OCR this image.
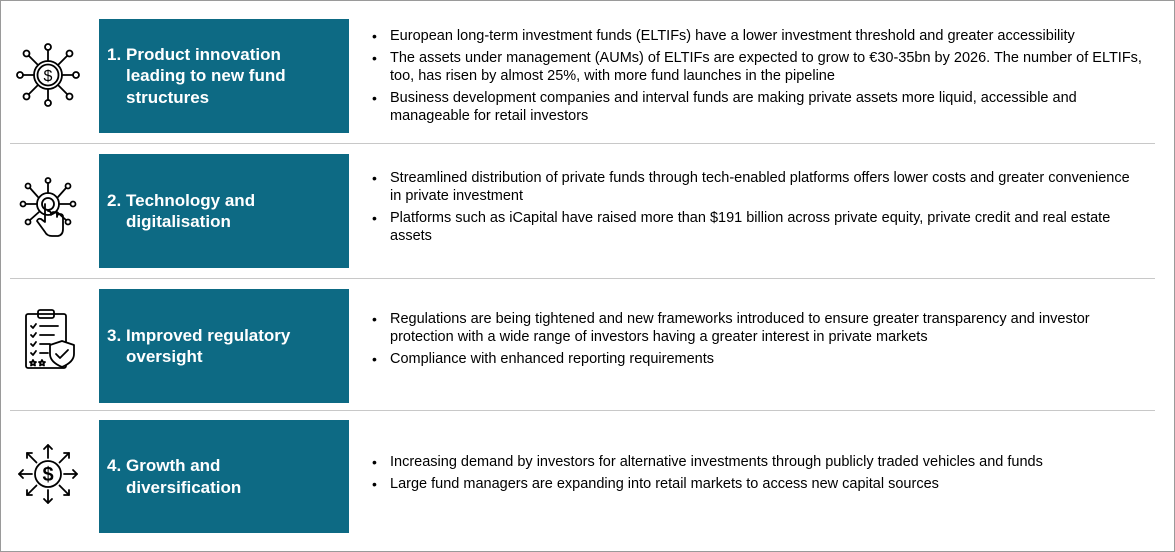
$
1. Product innovation leading to new fund structures
• European long-term investment funds (ELTIFs) have a lower investment threshold and greater accessibility
• The assets under management (AUMs) of ELTIFs are expected to grow to €30-35bn by 2026. The number of ELTIFs, too, has risen by almost 25%, with more fund launches in the pipeline
• Business development companies and interval funds are making private assets more liquid, accessible and manageable for retail investors
2. Technology and digitalisation
• Streamlined distribution of private funds through tech-enabled platforms offers lower costs and greater convenience in private investment
• Platforms such as iCapital have raised more than $191 billion across private equity, private credit and real estate assets
3. Improved regulatory oversight
• Regulations are being tightened and new frameworks introduced to ensure greater transparency and investor protection with a wide range of investors having a greater interest in private markets
• Compliance with enhanced reporting requirements
$	4. Growth and diversification
• Increasing demand by investors for alternative investments through publicly traded vehicles and funds
• Large fund managers are expanding into retail markets to access new capital sources
